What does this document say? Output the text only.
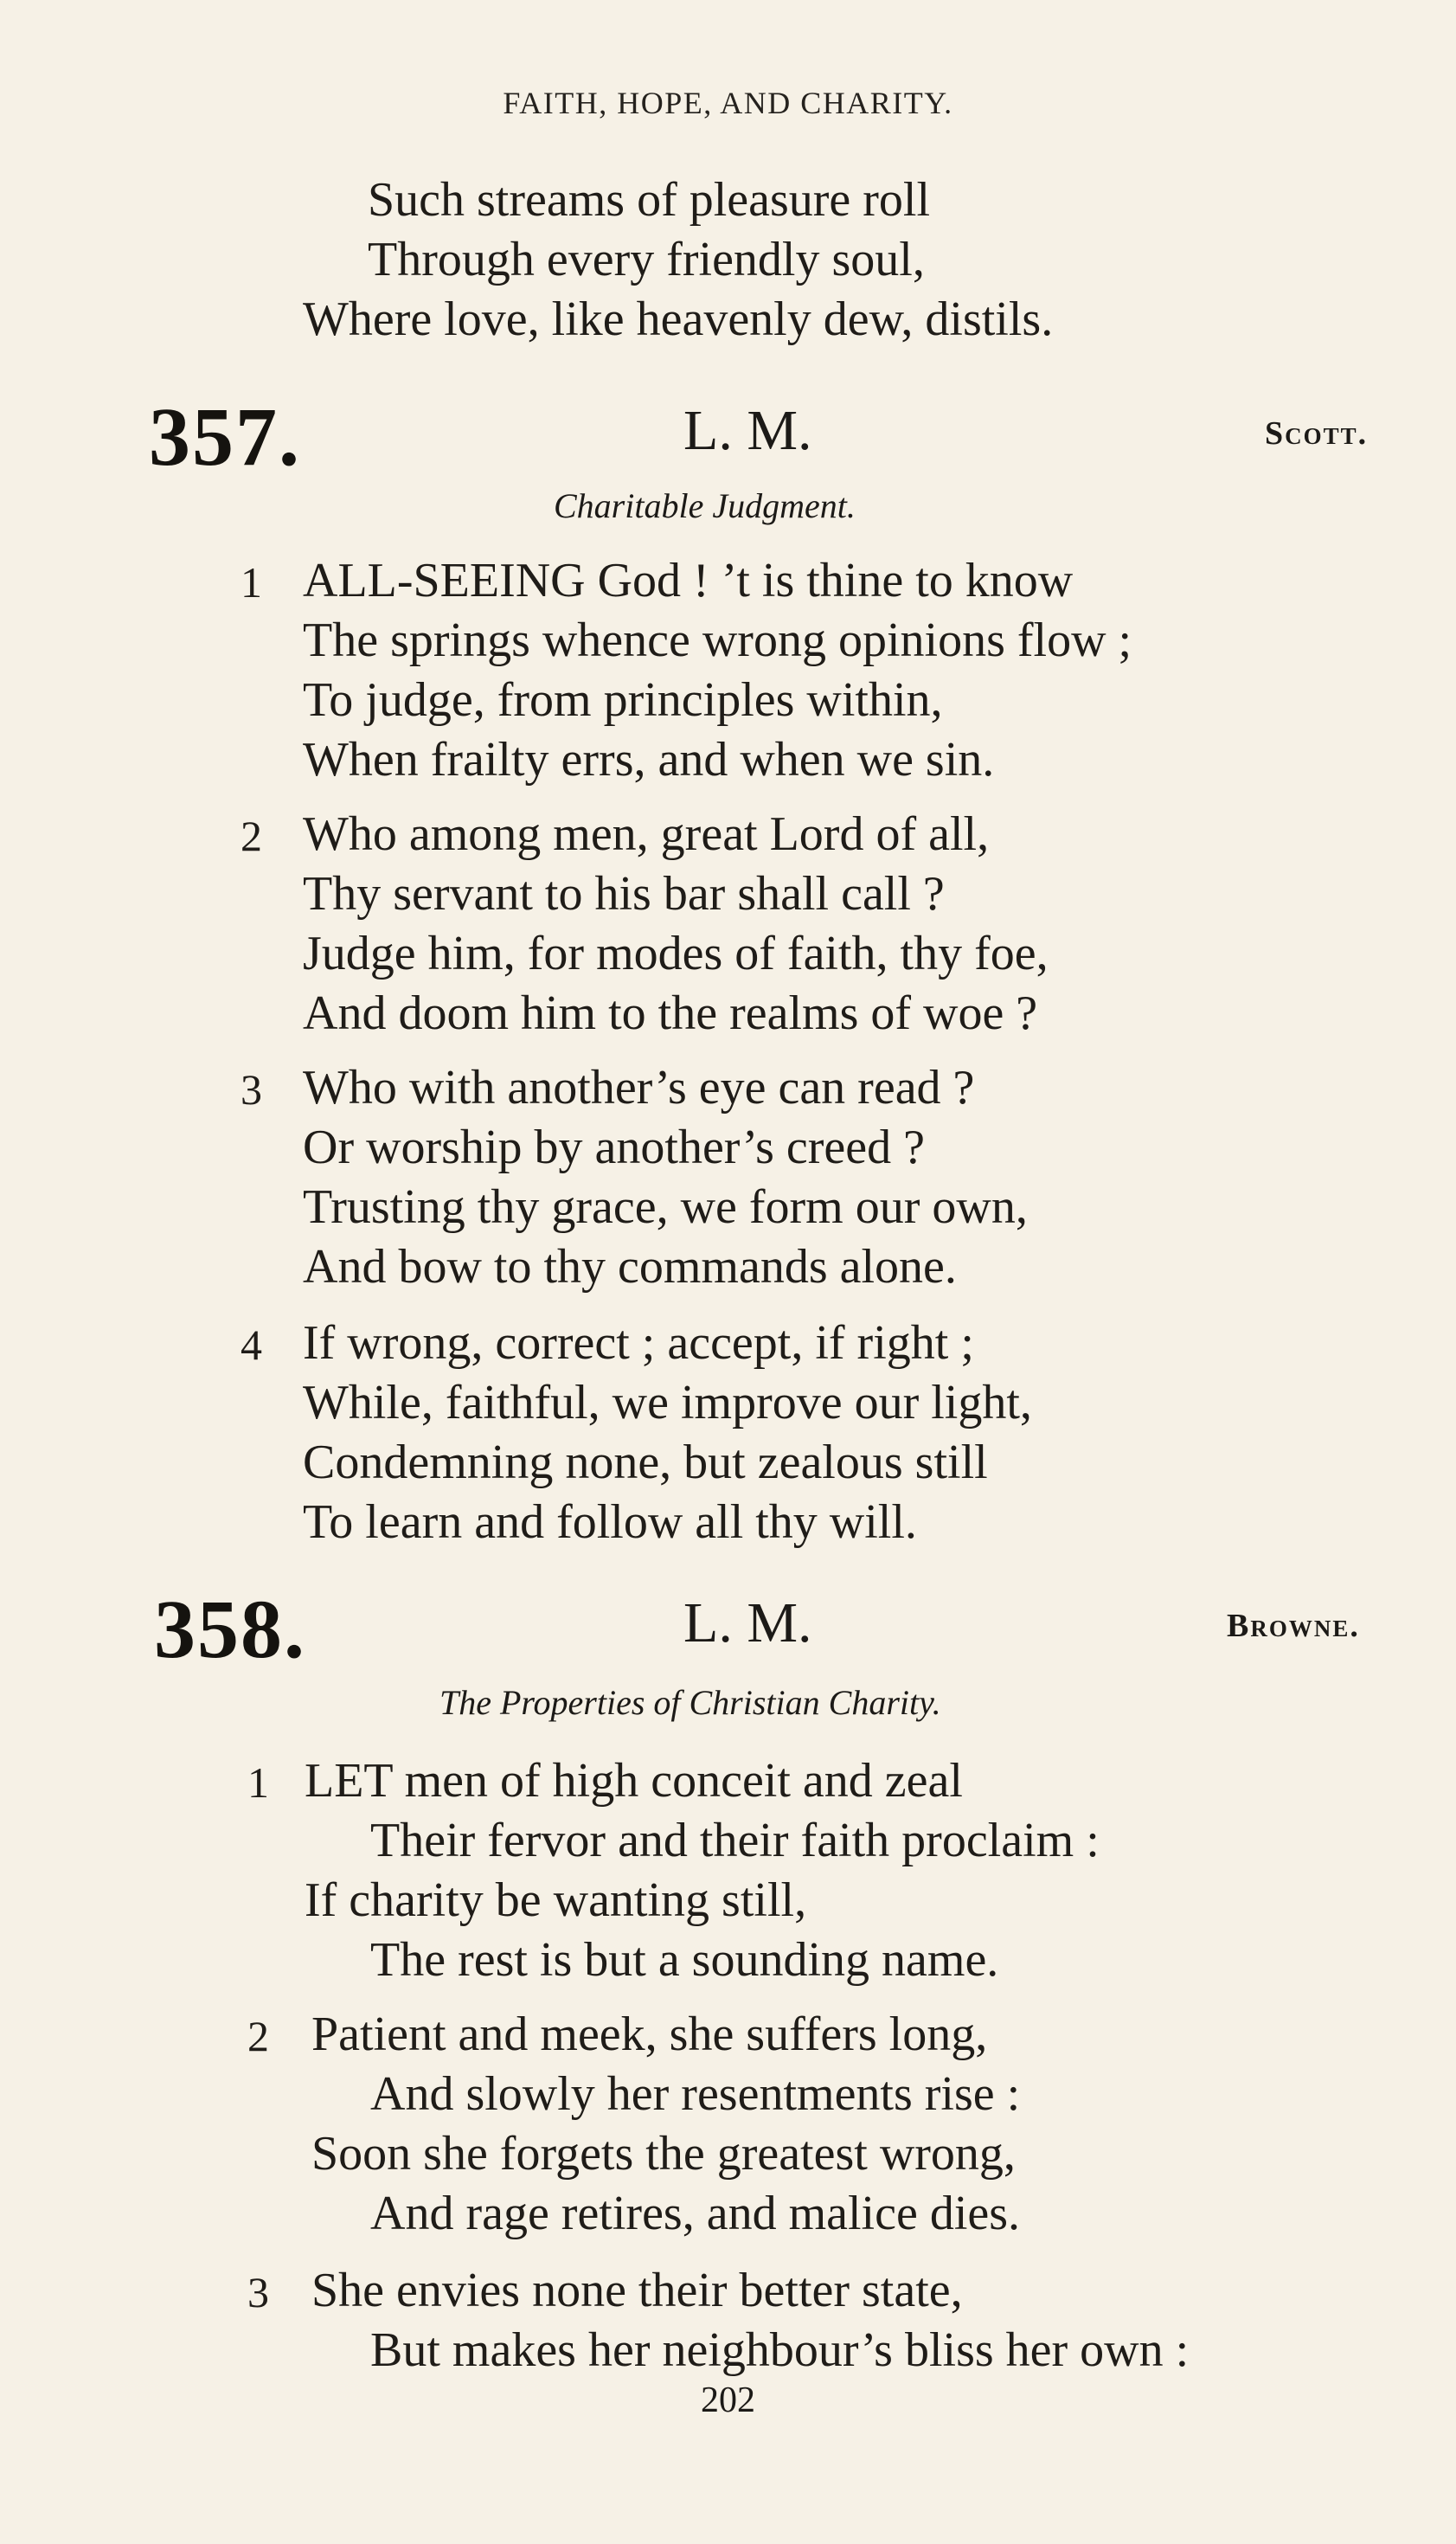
FAITH, HOPE, AND CHARITY.
Such streams of pleasure roll
Through every friendly soul,
Where love, like heavenly dew, distils.
357.	L. M.	Scott.
Charitable Judgment.
1 ALL-SEEING God ! ’t is thine to know
The springs whence wrong opinions flow ;
To judge, from principles within,
When frailty errs, and when we sin.
2 Who among men, great Lord of all,
Thy servant to his bar shall call ?
Judge him, for modes of faith, thy foe,
And doom him to the realms of woe ?
3 Who with another’s eye can read ?
Or worship by another’s creed ?
Trusting thy grace, we form our own,
And bow to thy commands alone.
4 If wrong, correct ; accept, if right ;
While, faithful, we improve our light,
Condemning none, but zealous still
To learn and follow all thy will.
358.	L. M.	Browne.
The Properties of Christian Charity.
1 LET men of high conceit and zeal
Their fervor and their faith proclaim :
If charity be wanting still,
The rest is but a sounding name.
2 Patient and meek, she suffers long,
And slowly her resentments rise :
Soon she forgets the greatest wrong,
And rage retires, and malice dies.
3 She envies none their better state,
But makes her neighbour’s bliss her own :
202
